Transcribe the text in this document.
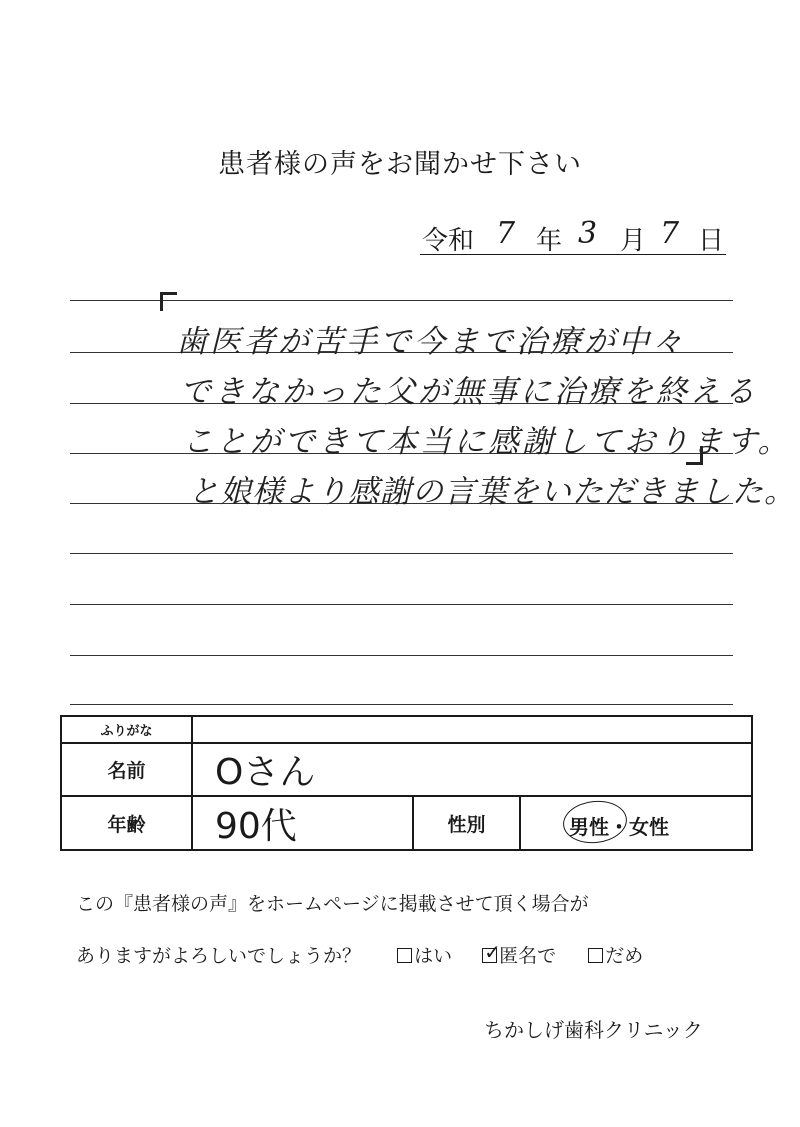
患者様の声をお聞かせ下さい
令和 7 年 3 月 7 日
歯医者が苦手で今まで治療が中々
できなかった父が無事に治療を終える
ことができて本当に感謝しております。
と娘様より感謝の言葉をいただきました。
ふりがな			
名前	Oさん		
年齢	90代	性別	男性・女性
この『患者様の声』をホームページに掲載させて頂く場合が
ありますがよろしいでしょうか？	はい ✓
匿名で	だめ
ちかしげ歯科クリニック
